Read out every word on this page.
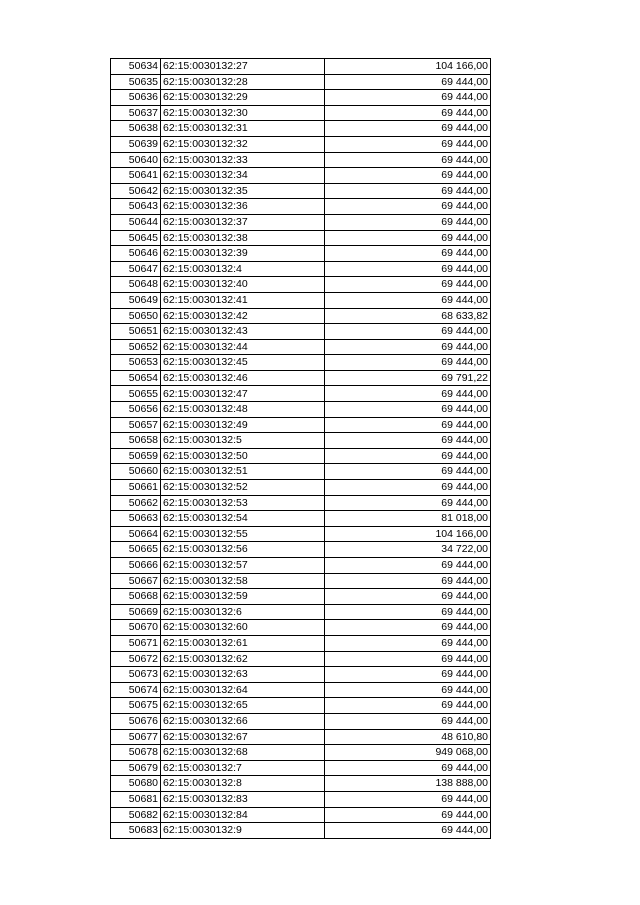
50634	62:15:0030132:27	104 166,00
50635	62:15:0030132:28	69 444,00
50636	62:15:0030132:29	69 444,00
50637	62:15:0030132:30	69 444,00
50638	62:15:0030132:31	69 444,00
50639	62:15:0030132:32	69 444,00
50640	62:15:0030132:33	69 444,00
50641	62:15:0030132:34	69 444,00
50642	62:15:0030132:35	69 444,00
50643	62:15:0030132:36	69 444,00
50644	62:15:0030132:37	69 444,00
50645	62:15:0030132:38	69 444,00
50646	62:15:0030132:39	69 444,00
50647	62:15:0030132:4	69 444,00
50648	62:15:0030132:40	69 444,00
50649	62:15:0030132:41	69 444,00
50650	62:15:0030132:42	68 633,82
50651	62:15:0030132:43	69 444,00
50652	62:15:0030132:44	69 444,00
50653	62:15:0030132:45	69 444,00
50654	62:15:0030132:46	69 791,22
50655	62:15:0030132:47	69 444,00
50656	62:15:0030132:48	69 444,00
50657	62:15:0030132:49	69 444,00
50658	62:15:0030132:5	69 444,00
50659	62:15:0030132:50	69 444,00
50660	62:15:0030132:51	69 444,00
50661	62:15:0030132:52	69 444,00
50662	62:15:0030132:53	69 444,00
50663	62:15:0030132:54	81 018,00
50664	62:15:0030132:55	104 166,00
50665	62:15:0030132:56	34 722,00
50666	62:15:0030132:57	69 444,00
50667	62:15:0030132:58	69 444,00
50668	62:15:0030132:59	69 444,00
50669	62:15:0030132:6	69 444,00
50670	62:15:0030132:60	69 444,00
50671	62:15:0030132:61	69 444,00
50672	62:15:0030132:62	69 444,00
50673	62:15:0030132:63	69 444,00
50674	62:15:0030132:64	69 444,00
50675	62:15:0030132:65	69 444,00
50676	62:15:0030132:66	69 444,00
50677	62:15:0030132:67	48 610,80
50678	62:15:0030132:68	949 068,00
50679	62:15:0030132:7	69 444,00
50680	62:15:0030132:8	138 888,00
50681	62:15:0030132:83	69 444,00
50682	62:15:0030132:84	69 444,00
50683	62:15:0030132:9	69 444,00
